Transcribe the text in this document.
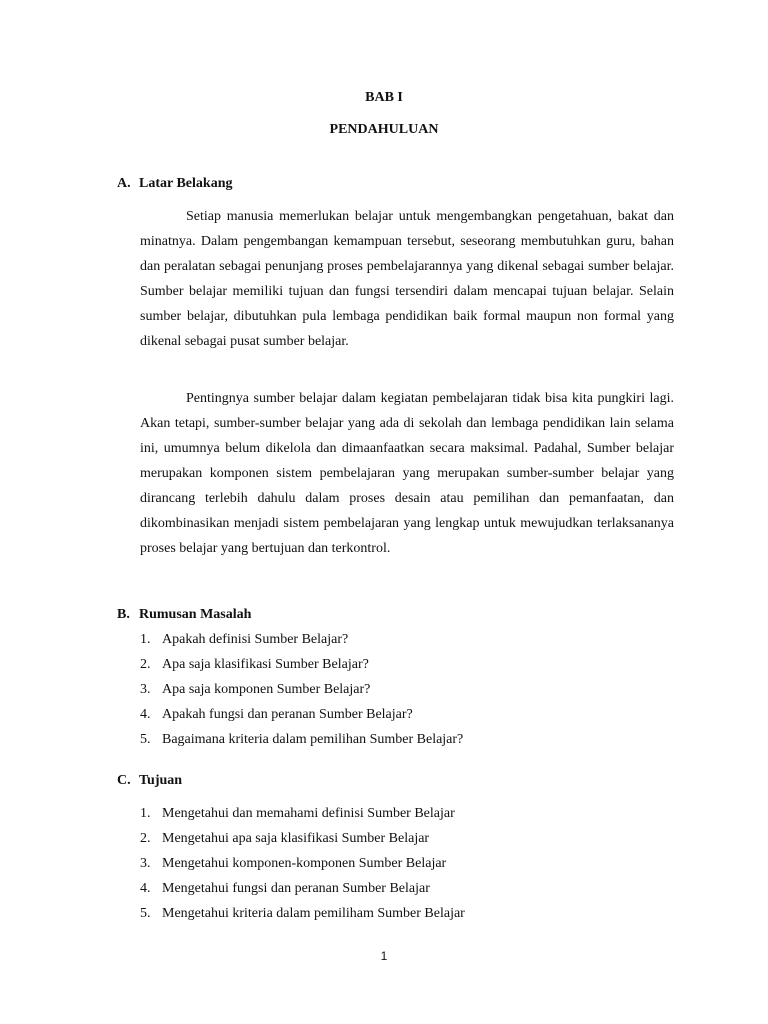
BAB I
PENDAHULUAN
A. Latar Belakang

Setiap manusia memerlukan belajar untuk mengembangkan pengetahuan, bakat dan minatnya. Dalam pengembangan kemampuan tersebut, seseorang membutuhkan guru, bahan dan peralatan sebagai penunjang proses pembelajarannya yang dikenal sebagai sumber belajar. Sumber belajar memiliki tujuan dan fungsi tersendiri dalam mencapai tujuan belajar. Selain sumber belajar, dibutuhkan pula lembaga pendidikan baik formal maupun non formal yang dikenal sebagai pusat sumber belajar.

Pentingnya sumber belajar dalam kegiatan pembelajaran tidak bisa kita pungkiri lagi. Akan tetapi, sumber-sumber belajar yang ada di sekolah dan lembaga pendidikan lain selama ini, umumnya belum dikelola dan dimaanfaatkan secara maksimal. Padahal, Sumber belajar merupakan komponen sistem pembelajaran yang merupakan sumber-sumber belajar yang dirancang terlebih dahulu dalam proses desain atau pemilihan dan pemanfaatan, dan dikombinasikan menjadi sistem pembelajaran yang lengkap untuk mewujudkan terlaksananya proses belajar yang bertujuan dan terkontrol.

B. Rumusan Masalah
1. Apakah definisi Sumber Belajar?
2. Apa saja klasifikasi Sumber Belajar?
3. Apa saja komponen Sumber Belajar?
4. Apakah fungsi dan peranan Sumber Belajar?
5. Bagaimana kriteria dalam pemilihan Sumber Belajar?
C. Tujuan
1. Mengetahui dan memahami definisi Sumber Belajar
2. Mengetahui apa saja klasifikasi Sumber Belajar
3. Mengetahui komponen-komponen Sumber Belajar
4. Mengetahui fungsi dan peranan Sumber Belajar
5. Mengetahui kriteria dalam pemiliham Sumber Belajar
1
